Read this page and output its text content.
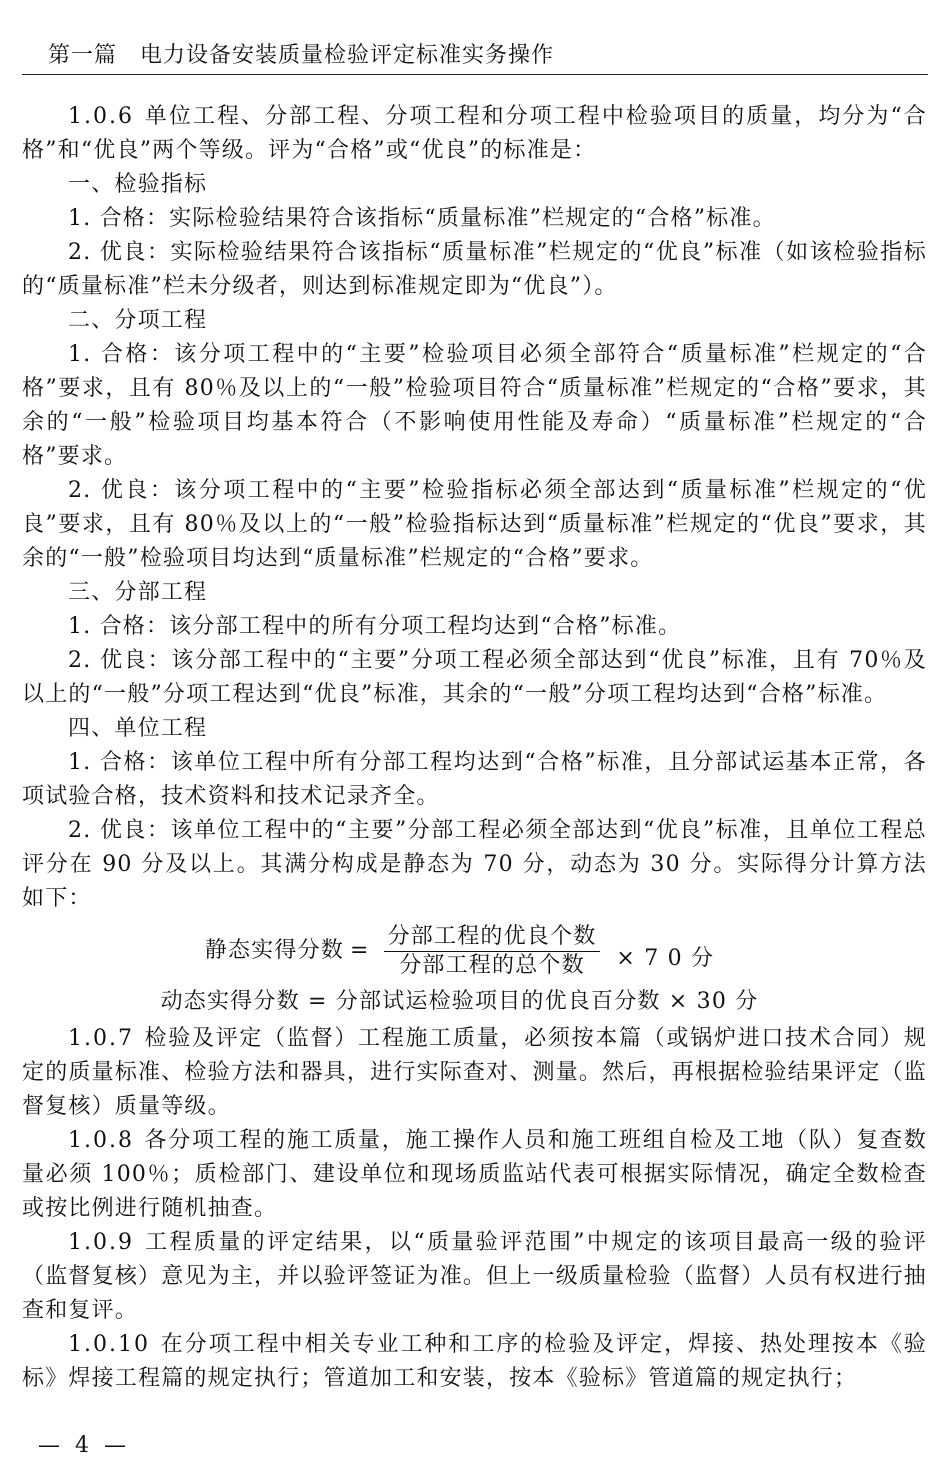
第一篇　电力设备安装质量检验评定标准实务操作

1.0.6 单位工程、分部工程、分项工程和分项工程中检验项目的质量，均分为“合格”和“优良”两个等级。评为“合格”或“优良”的标准是：

一、检验指标

1. 合格：实际检验结果符合该指标“质量标准”栏规定的“合格”标准。

2. 优良：实际检验结果符合该指标“质量标准”栏规定的“优良”标准（如该检验指标的“质量标准”栏未分级者，则达到标准规定即为“优良”）。

二、分项工程

1. 合格：该分项工程中的“主要”检验项目必须全部符合“质量标准”栏规定的“合格”要求，且有 80％及以上的“一般”检验项目符合“质量标准”栏规定的“合格”要求，其余的“一般”检验项目均基本符合（不影响使用性能及寿命）“质量标准”栏规定的“合格”要求。

2. 优良：该分项工程中的“主要”检验指标必须全部达到“质量标准”栏规定的“优良”要求，且有 80％及以上的“一般”检验指标达到“质量标准”栏规定的“优良”要求，其余的“一般”检验项目均达到“质量标准”栏规定的“合格”要求。

三、分部工程

1. 合格：该分部工程中的所有分项工程均达到“合格”标准。

2. 优良：该分部工程中的“主要”分项工程必须全部达到“优良”标准，且有 70％及以上的“一般”分项工程达到“优良”标准，其余的“一般”分项工程均达到“合格”标准。

四、单位工程

1. 合格：该单位工程中所有分部工程均达到“合格”标准，且分部试运基本正常，各项试验合格，技术资料和技术记录齐全。

2. 优良：该单位工程中的“主要”分部工程必须全部达到“优良”标准，且单位工程总评分在 90 分及以上。其满分构成是静态为 70 分，动态为 30 分。实际得分计算方法如下：

静态实得分数 = $\frac{\text{分部工程的优良个数}}{\text{分部工程的总个数}} \times 7$ 0 分
动态实得分数 = 分部试运检验项目的优良百分数 × 30 分

1.0.7 检验及评定（监督）工程施工质量，必须按本篇（或锅炉进口技术合同）规定的质量标准、检验方法和器具，进行实际查对、测量。然后，再根据检验结果评定（监督复核）质量等级。

1.0.8 各分项工程的施工质量，施工操作人员和施工班组自检及工地（队）复查数量必须 100％；质检部门、建设单位和现场质监站代表可根据实际情况，确定全数检查或按比例进行随机抽查。

1.0.9 工程质量的评定结果，以“质量验评范围”中规定的该项目最高一级的验评（监督复核）意见为主，并以验评签证为准。但上一级质量检验（监督）人员有权进行抽查和复评。

1.0.10 在分项工程中相关专业工种和工序的检验及评定，焊接、热处理按本《验标》焊接工程篇的规定执行；管道加工和安装，按本《验标》管道篇的规定执行；

— 4 —
